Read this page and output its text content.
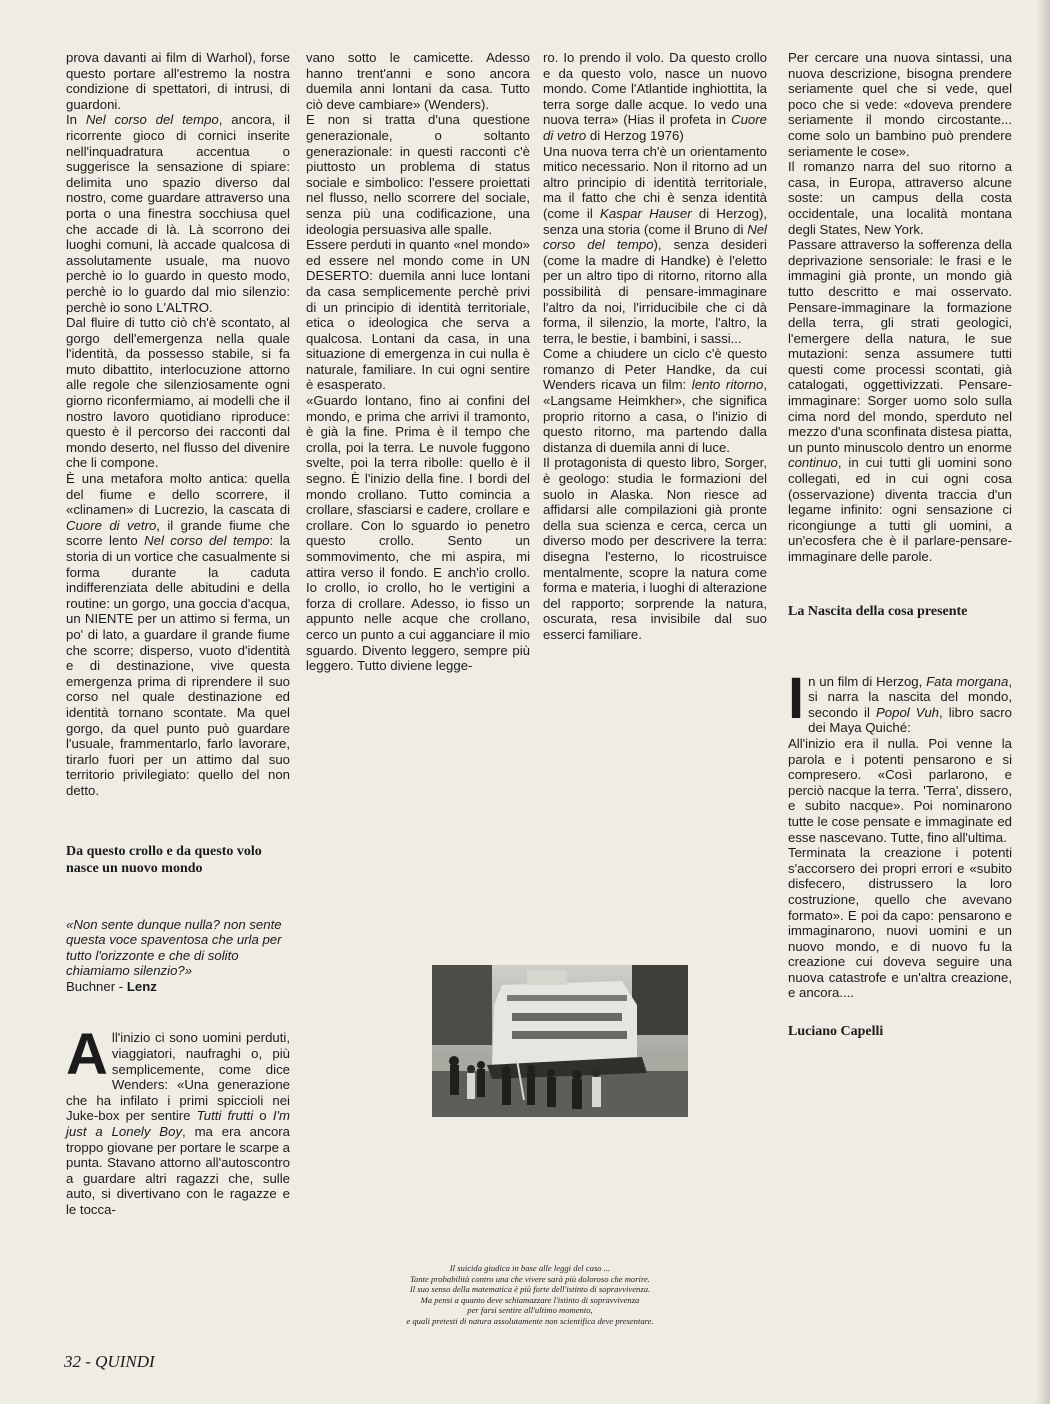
prova davanti ai film di Warhol), forse questo portare all'estremo la nostra condizione di spettatori, di intrusi, di guardoni.

In Nel corso del tempo, ancora, il ricorrente gioco di cornici inserite nell'inquadratura accentua o suggerisce la sensazione di spiare: delimita uno spazio diverso dal nostro, come guardare attraverso una porta o una finestra socchiusa quel che accade di là. Là scorrono dei luoghi comuni, là accade qualcosa di assolutamente usuale, ma nuovo perchè io lo guardo in questo modo, perchè io lo guardo dal mio silenzio: perchè io sono L'ALTRO.

Dal fluire di tutto ciò ch'è scontato, al gorgo dell'emergenza nella quale l'identità, da possesso stabile, si fa muto dibattito, interlocuzione attorno alle regole che silenziosamente ogni giorno riconfermiamo, ai modelli che il nostro lavoro quotidiano riproduce: questo è il percorso dei racconti dal mondo deserto, nel flusso del divenire che li compone.

È una metafora molto antica: quella del fiume e dello scorrere, il «clinamen» di Lucrezio, la cascata di Cuore di vetro, il grande fiume che scorre lento Nel corso del tempo: la storia di un vortice che casualmente si forma durante la caduta indifferenziata delle abitudini e della routine: un gorgo, una goccia d'acqua, un NIENTE per un attimo si ferma, un po' di lato, a guardare il grande fiume che scorre; disperso, vuoto d'identità e di destinazione, vive questa emergenza prima di riprendere il suo corso nel quale destinazione ed identità tornano scontate. Ma quel gorgo, da quel punto può guardare l'usuale, frammentarlo, farlo lavorare, tirarlo fuori per un attimo dal suo territorio privilegiato: quello del non detto.

Da questo crollo e da questo volo nasce un nuovo mondo

«Non sente dunque nulla? non sente questa voce spaventosa che urla per tutto l'orizzonte e che di solito chiamiamo silenzio?»

Buchner - Lenz

All'inizio ci sono uomini perduti, viaggiatori, naufraghi o, più semplicemente, come dice Wenders: «Una generazione che ha infilato i primi spiccioli nei Juke-box per sentire Tutti frutti o I'm just a Lonely Boy, ma era ancora troppo giovane per portare le scarpe a punta. Stavano attorno all'autoscontro a guardare altri ragazzi che, sulle auto, si divertivano con le ragazze e le tocca-

vano sotto le camicette. Adesso hanno trent'anni e sono ancora duemila anni lontani da casa. Tutto ciò deve cambiare» (Wenders).

E non si tratta d'una questione generazionale, o soltanto generazionale: in questi racconti c'è piuttosto un problema di status sociale e simbolico: l'essere proiettati nel flusso, nello scorrere del sociale, senza più una codificazione, una ideologia persuasiva alle spalle.

Essere perduti in quanto «nel mondo» ed essere nel mondo come in UN DESERTO: duemila anni luce lontani da casa semplicemente perchè privi di un principio di identità territoriale, etica o ideologica che serva a qualcosa. Lontani da casa, in una situazione di emergenza in cui nulla è naturale, familiare. In cui ogni sentire è esasperato.

«Guardo lontano, fino ai confini del mondo, e prima che arrivi il tramonto, è già la fine. Prima è il tempo che crolla, poi la terra. Le nuvole fuggono svelte, poi la terra ribolle: quello è il segno. È l'inizio della fine. I bordi del mondo crollano. Tutto comincia a crollare, sfasciarsi e cadere, crollare e crollare. Con lo sguardo io penetro questo crollo. Sento un sommovimento, che mi aspira, mi attira verso il fondo. E anch'io crollo. Io crollo, io crollo, ho le vertigini a forza di crollare. Adesso, io fisso un appunto nelle acque che crollano, cerco un punto a cui agganciare il mio sguardo. Divento leggero, sempre più leggero. Tutto diviene legge-

ro. Io prendo il volo. Da questo crollo e da questo volo, nasce un nuovo mondo. Come l'Atlantide inghiottita, la terra sorge dalle acque. Io vedo una nuova terra» (Hias il profeta in Cuore di vetro di Herzog 1976)

Una nuova terra ch'è un orientamento mitico necessario. Non il ritorno ad un altro principio di identità territoriale, ma il fatto che chi è senza identità (come il Kaspar Hauser di Herzog), senza una storia (come il Bruno di Nel corso del tempo), senza desideri (come la madre di Handke) è l'eletto per un altro tipo di ritorno, ritorno alla possibilità di pensare-immaginare l'altro da noi, l'irriducibile che ci dà forma, il silenzio, la morte, l'altro, la terra, le bestie, i bambini, i sassi...

Come a chiudere un ciclo c'è questo romanzo di Peter Handke, da cui Wenders ricava un film: lento ritorno, «Langsame Heimkher», che significa proprio ritorno a casa, o l'inizio di questo ritorno, ma partendo dalla distanza di duemila anni di luce.

Il protagonista di questo libro, Sorger, è geologo: studia le formazioni del suolo in Alaska. Non riesce ad affidarsi alle compilazioni già pronte della sua scienza e cerca, cerca un diverso modo per descrivere la terra: disegna l'esterno, lo ricostruisce mentalmente, scopre la natura come forma e materia, i luoghi di alterazione del rapporto; sorprende la natura, oscurata, resa invisibile dal suo esserci familiare.

Per cercare una nuova sintassi, una nuova descrizione, bisogna prendere seriamente quel che si vede, quel poco che si vede: «doveva prendere seriamente il mondo circostante... come solo un bambino può prendere seriamente le cose».

Il romanzo narra del suo ritorno a casa, in Europa, attraverso alcune soste: un campus della costa occidentale, una località montana degli States, New York.

Passare attraverso la sofferenza della deprivazione sensoriale: le frasi e le immagini già pronte, un mondo già tutto descritto e mai osservato. Pensare-immaginare la formazione della terra, gli strati geologici, l'emergere della natura, le sue mutazioni: senza assumere tutti questi come processi scontati, già catalogati, oggettivizzati. Pensare-immaginare: Sorger uomo solo sulla cima nord del mondo, sperduto nel mezzo d'una sconfinata distesa piatta, un punto minuscolo dentro un enorme continuo, in cui tutti gli uomini sono collegati, ed in cui ogni cosa (osservazione) diventa traccia d'un legame infinito: ogni sensazione ci ricongiunge a tutti gli uomini, a un'ecosfera che è il parlare-pensare-immaginare delle parole.

La Nascita della cosa presente

In un film di Herzog, Fata morgana, si narra la nascita del mondo, secondo il Popol Vuh, libro sacro dei Maya Quiché:

All'inizio era il nulla. Poi venne la parola e i potenti pensarono e si compresero. «Così parlarono, e perciò nacque la terra. 'Terra', dissero, e subito nacque». Poi nominarono tutte le cose pensate e immaginate ed esse nascevano. Tutte, fino all'ultima.

Terminata la creazione i potenti s'accorsero dei propri errori e «subito disfecero, distrussero la loro costruzione, quello che avevano formato». E poi da capo: pensarono e immaginarono, nuovi uomini e un nuovo mondo, e di nuovo fu la creazione cui doveva seguire una nuova catastrofe e un'altra creazione, e ancora....

Luciano Capelli

Il suicida giudica in base alle leggi del caso ...
Tante probabilità contro una che vivere sarà più doloroso che morire.
Il suo senso della matematica è più forte dell'istinto di sopravvivenza.
Ma pensi a quanto deve schiamazzare l'istinto di sopravvivenza
per farsi sentire all'ultimo momento,
e quali pretesti di natura assolutamente non scientifica deve presentare.
32 - QUINDI
